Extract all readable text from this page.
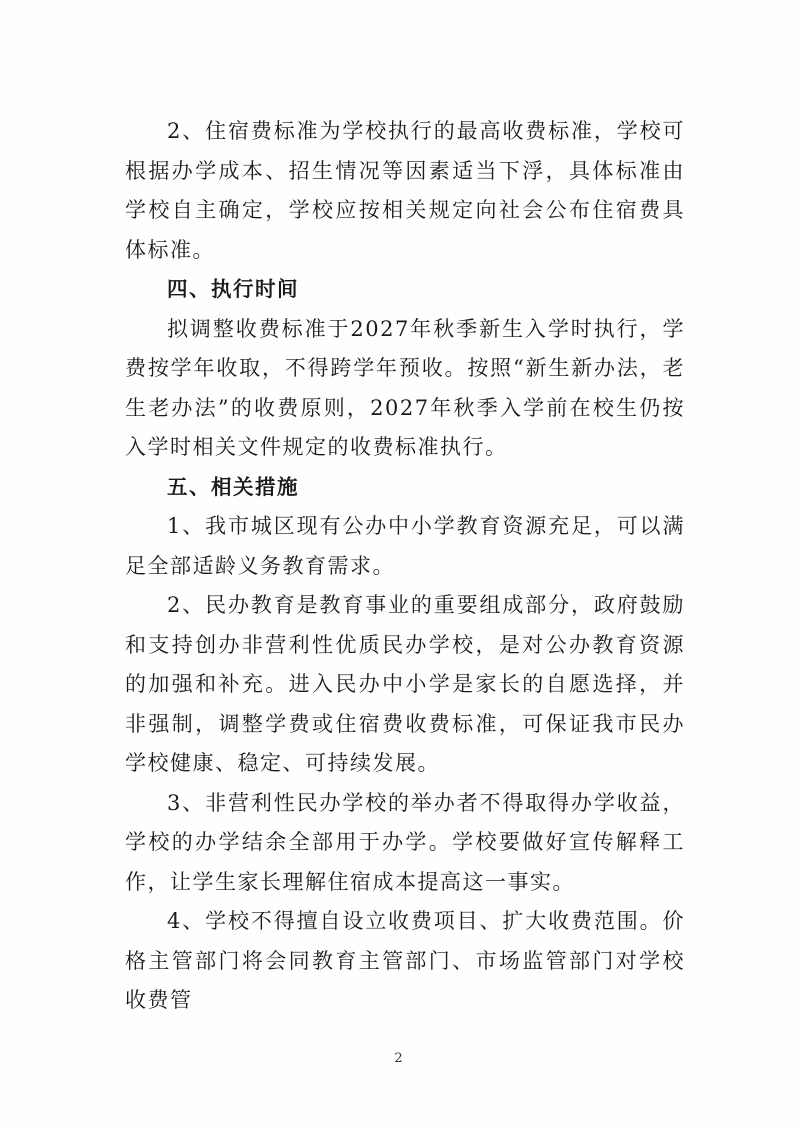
2、住宿费标准为学校执行的最高收费标准，学校可根据办学成本、招生情况等因素适当下浮，具体标准由学校自主确定，学校应按相关规定向社会公布住宿费具体标准。

四、执行时间

拟调整收费标准于2027年秋季新生入学时执行，学费按学年收取，不得跨学年预收。按照“新生新办法，老生老办法”的收费原则，2027年秋季入学前在校生仍按入学时相关文件规定的收费标准执行。

五、相关措施

1、我市城区现有公办中小学教育资源充足，可以满足全部适龄义务教育需求。

2、民办教育是教育事业的重要组成部分，政府鼓励和支持创办非营利性优质民办学校，是对公办教育资源的加强和补充。进入民办中小学是家长的自愿选择，并非强制，调整学费或住宿费收费标准，可保证我市民办学校健康、稳定、可持续发展。

3、非营利性民办学校的举办者不得取得办学收益，学校的办学结余全部用于办学。学校要做好宣传解释工作，让学生家长理解住宿成本提高这一事实。

4、学校不得擅自设立收费项目、扩大收费范围。价格主管部门将会同教育主管部门、市场监管部门对学校收费管

2
